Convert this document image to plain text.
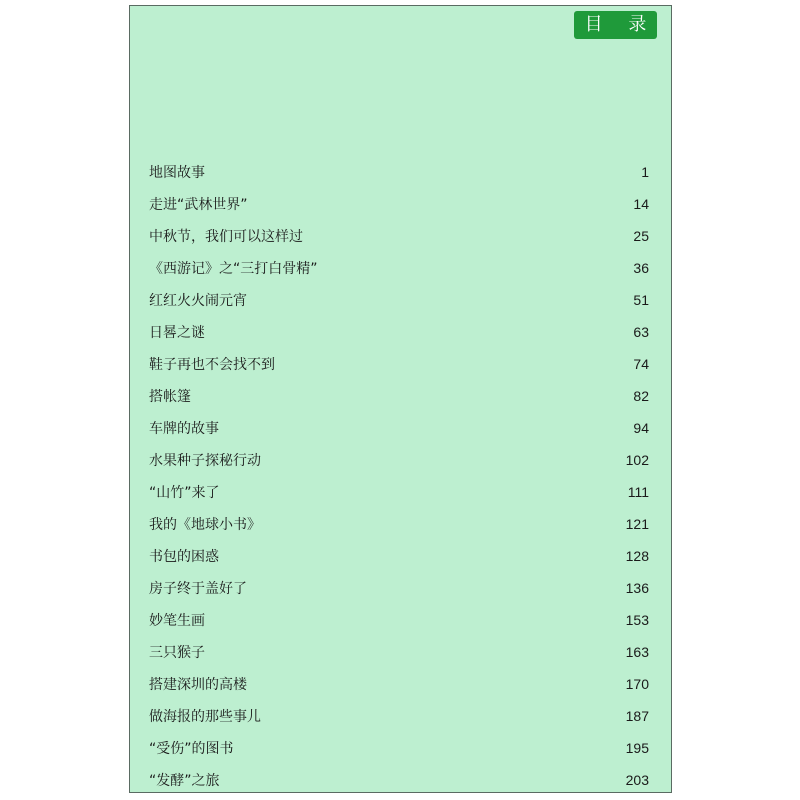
目 录
地图故事	1
走进“武林世界”	14
中秋节，我们可以这样过	25
《西游记》之“三打白骨精”	36
红红火火闹元宵	51
日晷之谜	63
鞋子再也不会找不到	74
搭帐篷	82
车牌的故事	94
水果种子探秘行动	102
“山竹”来了	111
我的《地球小书》	121
书包的困惑	128
房子终于盖好了	136
妙笔生画	153
三只猴子	163
搭建深圳的高楼	170
做海报的那些事儿	187
“受伤”的图书	195
“发酵”之旅	203
